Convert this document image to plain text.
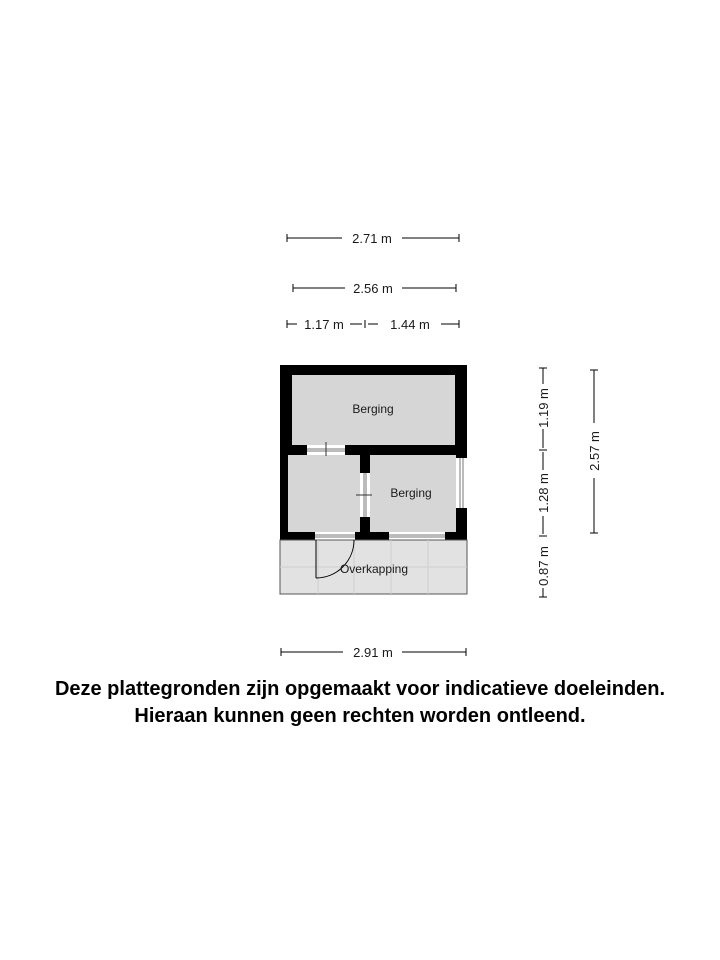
2.71 m
2.56 m
1.17 m	1.44 m
Berging
Berging
Overkapping
1.19 m
1.28 m
0.87 m
2.57 m
2.91 m
Deze plattegronden zijn opgemaakt voor indicatieve doeleinden.
Hieraan kunnen geen rechten worden ontleend.
